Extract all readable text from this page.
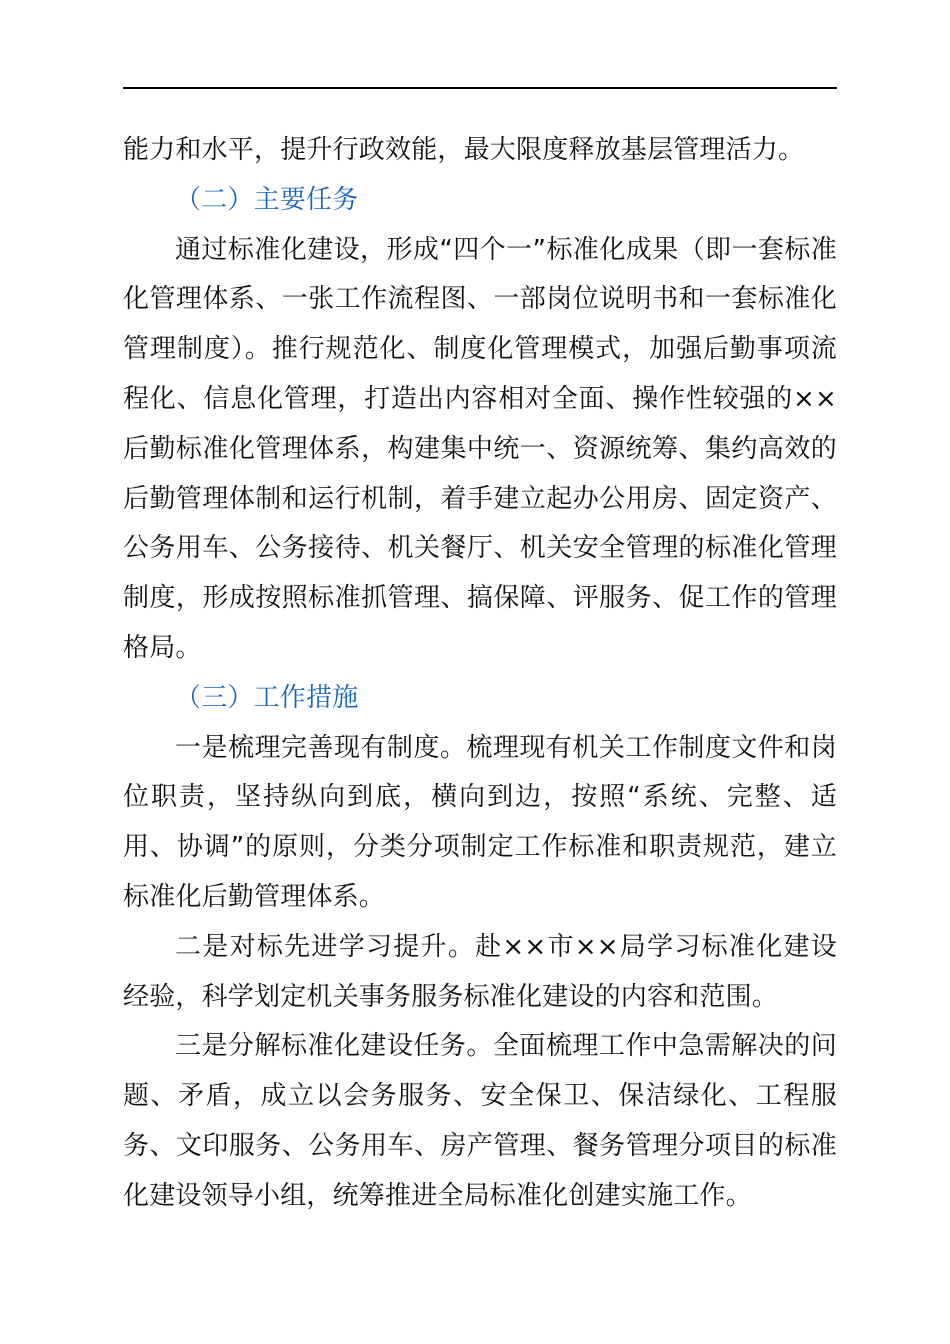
能力和水平，提升行政效能，最大限度释放基层管理活力。

（二）主要任务

通过标准化建设，形成“四个一”标准化成果（即一套标准化管理体系、一张工作流程图、一部岗位说明书和一套标准化管理制度）。推行规范化、制度化管理模式，加强后勤事项流程化、信息化管理，打造出内容相对全面、操作性较强的××后勤标准化管理体系，构建集中统一、资源统筹、集约高效的后勤管理体制和运行机制，着手建立起办公用房、固定资产、公务用车、公务接待、机关餐厅、机关安全管理的标准化管理制度，形成按照标准抓管理、搞保障、评服务、促工作的管理格局。

（三）工作措施

一是梳理完善现有制度。梳理现有机关工作制度文件和岗位职责，坚持纵向到底，横向到边，按照“系统、完整、适用、协调”的原则，分类分项制定工作标准和职责规范，建立标准化后勤管理体系。

二是对标先进学习提升。赴××市××局学习标准化建设经验，科学划定机关事务服务标准化建设的内容和范围。

三是分解标准化建设任务。全面梳理工作中急需解决的问题、矛盾，成立以会务服务、安全保卫、保洁绿化、工程服务、文印服务、公务用车、房产管理、餐务管理分项目的标准化建设领导小组，统筹推进全局标准化创建实施工作。
